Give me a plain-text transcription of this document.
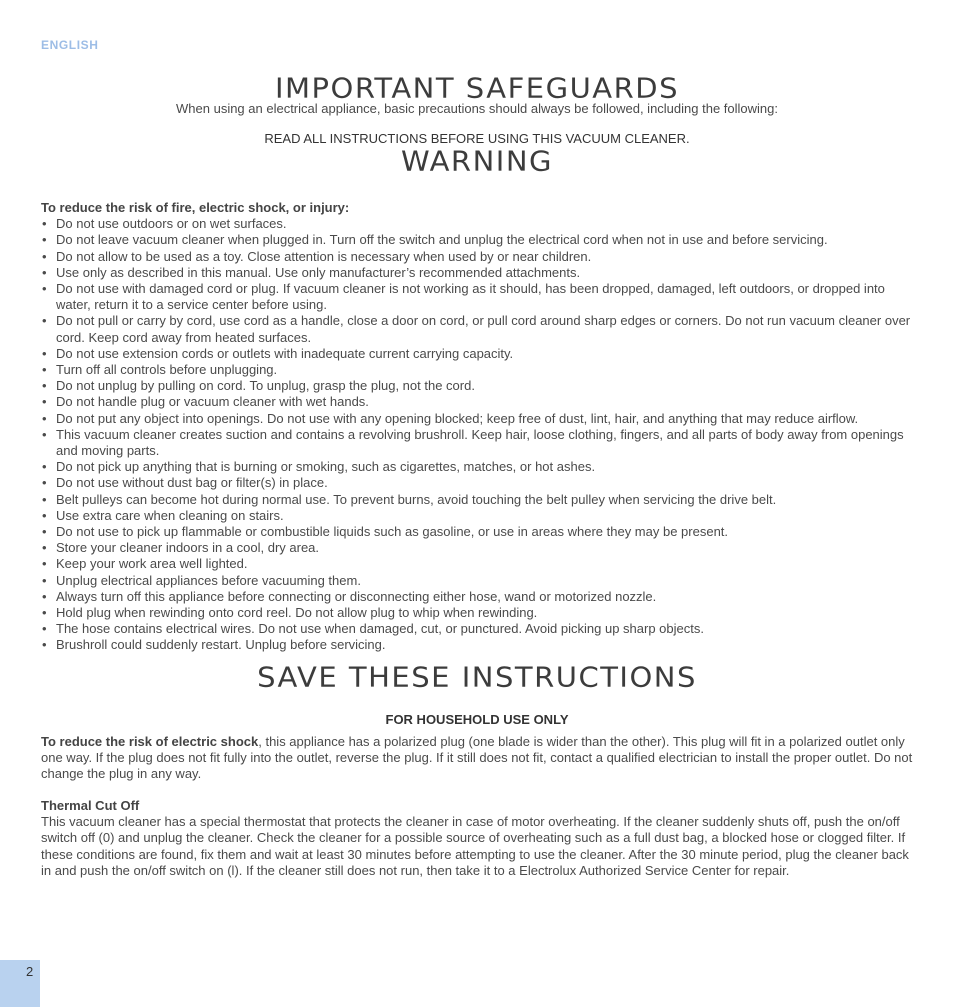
ENGLISH
IMPORTANT SAFEGUARDS
When using an electrical appliance, basic precautions should always be followed, including the following:
READ ALL INSTRUCTIONS BEFORE USING THIS VACUUM CLEANER.
WARNING
To reduce the risk of fire, electric shock, or injury:
• Do not use outdoors or on wet surfaces.
• Do not leave vacuum cleaner when plugged in. Turn off the switch and unplug the electrical cord when not in use and before servicing.
• Do not allow to be used as a toy. Close attention is necessary when used by or near children.
• Use only as described in this manual. Use only manufacturer’s recommended attachments.
• Do not use with damaged cord or plug. If vacuum cleaner is not working as it should, has been dropped, damaged, left outdoors, or dropped into water, return it to a service center before using.
• Do not pull or carry by cord, use cord as a handle, close a door on cord, or pull cord around sharp edges or corners. Do not run vacuum cleaner over cord. Keep cord away from heated surfaces.
• Do not use extension cords or outlets with inadequate current carrying capacity.
• Turn off all controls before unplugging.
• Do not unplug by pulling on cord. To unplug, grasp the plug, not the cord.
• Do not handle plug or vacuum cleaner with wet hands.
• Do not put any object into openings. Do not use with any opening blocked; keep free of dust, lint, hair, and anything that may reduce airflow.
• This vacuum cleaner creates suction and contains a revolving brushroll. Keep hair, loose clothing, fingers, and all parts of body away from openings and moving parts.
• Do not pick up anything that is burning or smoking, such as cigarettes, matches, or hot ashes.
• Do not use without dust bag or filter(s) in place.
• Belt pulleys can become hot during normal use. To prevent burns, avoid touching the belt pulley when servicing the drive belt.
• Use extra care when cleaning on stairs.
• Do not use to pick up flammable or combustible liquids such as gasoline, or use in areas where they may be present.
• Store your cleaner indoors in a cool, dry area.
• Keep your work area well lighted.
• Unplug electrical appliances before vacuuming them.
• Always turn off this appliance before connecting or disconnecting either hose, wand or motorized nozzle.
• Hold plug when rewinding onto cord reel. Do not allow plug to whip when rewinding.
• The hose contains electrical wires. Do not use when damaged, cut, or punctured. Avoid picking up sharp objects.
• Brushroll could suddenly restart. Unplug before servicing.
SAVE THESE INSTRUCTIONS
FOR HOUSEHOLD USE ONLY
To reduce the risk of electric shock, this appliance has a polarized plug (one blade is wider than the other). This plug will fit in a polarized outlet only one way. If the plug does not fit fully into the outlet, reverse the plug. If it still does not fit, contact a qualified electrician to install the proper outlet. Do not change the plug in any way.
Thermal Cut Off
This vacuum cleaner has a special thermostat that protects the cleaner in case of motor overheating. If the cleaner suddenly shuts off, push the on/off switch off (0) and unplug the cleaner. Check the cleaner for a possible source of overheating such as a full dust bag, a blocked hose or clogged filter. If these conditions are found, fix them and wait at least 30 minutes before attempting to use the cleaner. After the 30 minute period, plug the cleaner back in and push the on/off switch on (l). If the cleaner still does not run, then take it to a Electrolux Authorized Service Center for repair.
2
